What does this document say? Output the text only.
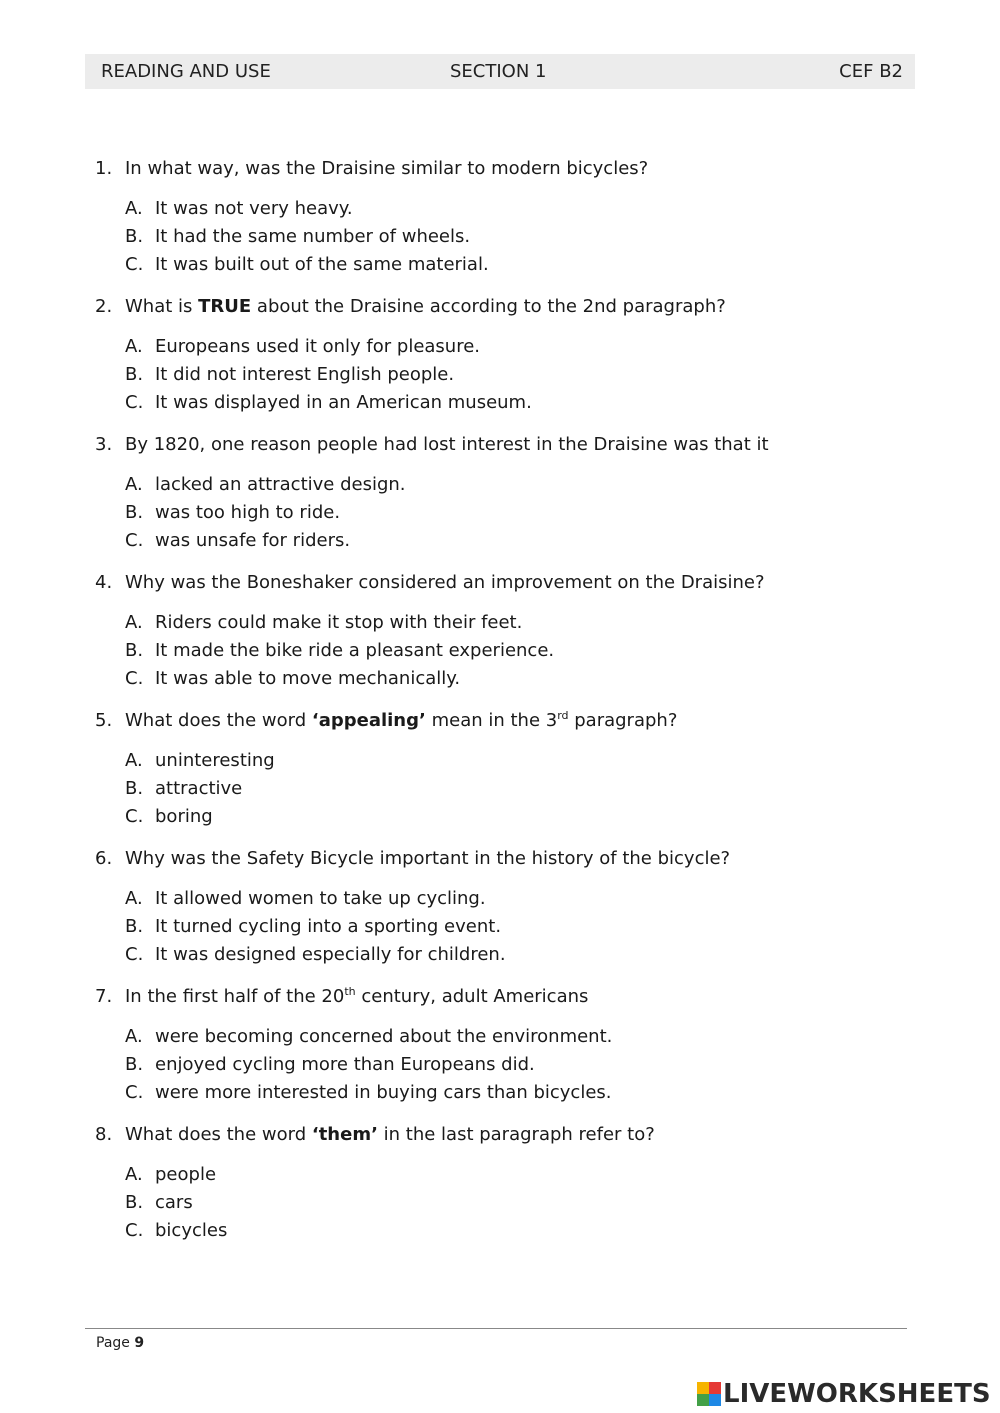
READING AND USE	SECTION 1	CEF B2
1. In what way, was the Draisine similar to modern bicycles?
A. It was not very heavy.
B. It had the same number of wheels.
C. It was built out of the same material.
2. What is TRUE about the Draisine according to the 2nd paragraph?
A. Europeans used it only for pleasure.
B. It did not interest English people.
C. It was displayed in an American museum.
3. By 1820, one reason people had lost interest in the Draisine was that it
A. lacked an attractive design.
B. was too high to ride.
C. was unsafe for riders.
4. Why was the Boneshaker considered an improvement on the Draisine?
A. Riders could make it stop with their feet.
B. It made the bike ride a pleasant experience.
C. It was able to move mechanically.
5. What does the word ‘appealing’ mean in the 3rd paragraph?
A. uninteresting
B. attractive
C. boring
6. Why was the Safety Bicycle important in the history of the bicycle?
A. It allowed women to take up cycling.
B. It turned cycling into a sporting event.
C. It was designed especially for children.
7. In the first half of the 20th century, adult Americans
A. were becoming concerned about the environment.
B. enjoyed cycling more than Europeans did.
C. were more interested in buying cars than bicycles.
8. What does the word ‘them’ in the last paragraph refer to?
A. people
B. cars
C. bicycles
Page 9
LIVEWORKSHEETS
